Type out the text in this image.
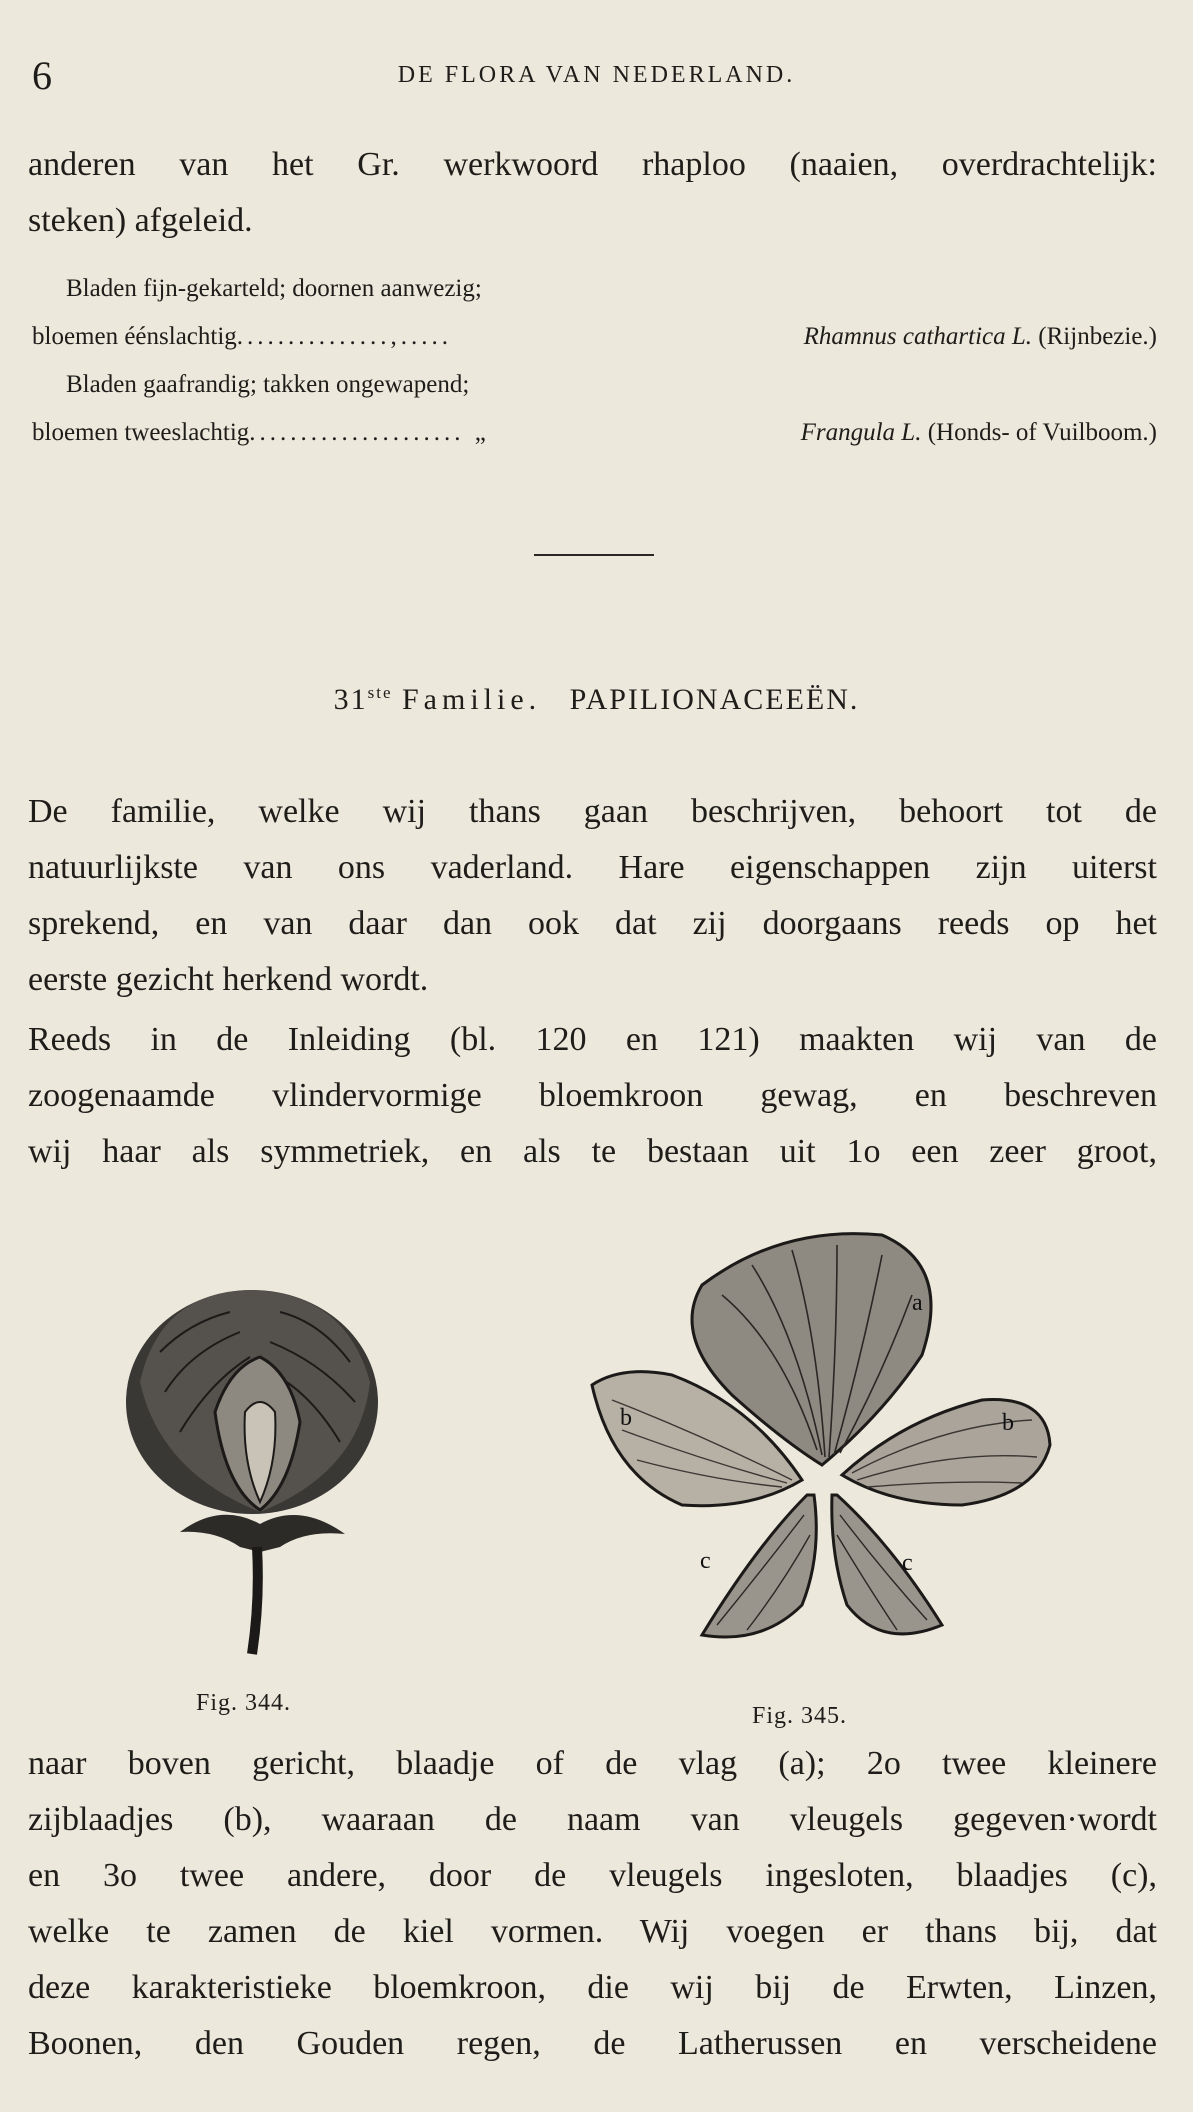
6	DE FLORA VAN NEDERLAND.
anderen van het Gr. werkwoord rhaploo (naaien, overdrachtelijk:
steken) afgeleid.
Bladen fijn-gekarteld; doornen aanwezig;
bloemen éénslachtig ...............,.....	Rhamnus cathartica L.
(Rijnbezie.)
Bladen gaafrandig; takken ongewapend;
bloemen tweeslachtig ..................... „	Frangula L.
(Honds- of Vuilboom.)
31ste Familie. PAPILIONACEEËN.
De familie, welke wij thans gaan beschrijven, behoort tot de
natuurlijkste van ons vaderland. Hare eigenschappen zijn uiterst
sprekend, en van daar dan ook dat zij doorgaans reeds op het
eerste gezicht herkend wordt.
Reeds in de Inleiding (bl. 120 en 121) maakten wij van de
zoogenaamde vlindervormige bloemkroon gewag, en beschreven
wij haar als symmetriek, en als te bestaan uit 1o een zeer groot,
a
b	b
c	c
Fig. 344.	Fig. 345.
naar boven gericht, blaadje of de vlag (a); 2o twee kleinere
zijblaadjes (b), waaraan de naam van vleugels gegeven·wordt
en 3o twee andere, door de vleugels ingesloten, blaadjes (c),
welke te zamen de kiel vormen. Wij voegen er thans bij, dat
deze karakteristieke bloemkroon, die wij bij de Erwten, Linzen,
Boonen, den Gouden regen, de Latherussen en verscheidene
